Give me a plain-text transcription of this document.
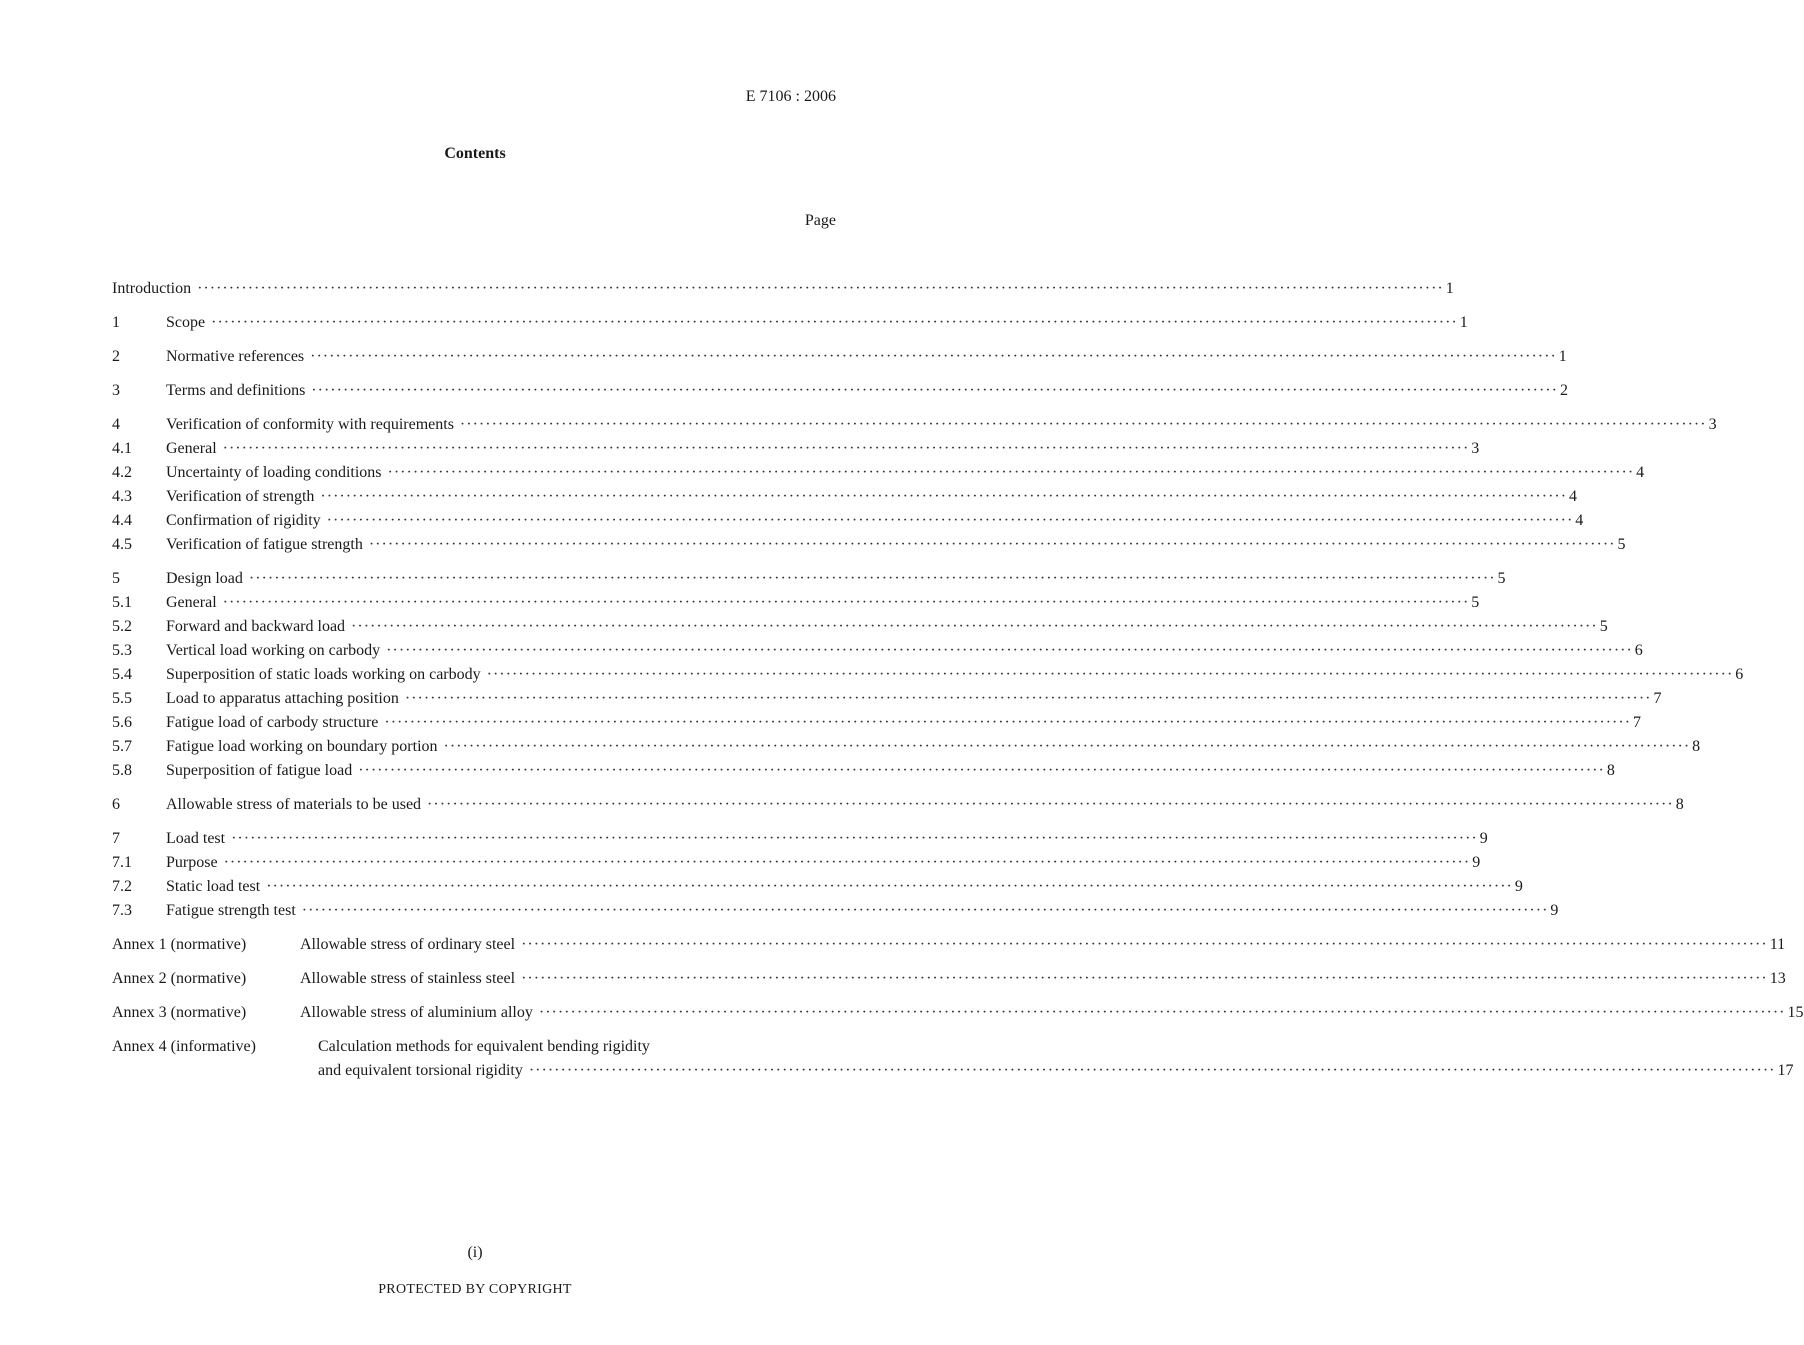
E 7106 : 2006
Contents
Page
Introduction ·····	1
1	Scope ·····	1
2	Normative references ·····	1
3	Terms and definitions ·····	2
4	Verification of conformity with requirements ·····	3
4.1	General ·····	3
4.2	Uncertainty of loading conditions ·····	4
4.3	Verification of strength ·····	4
4.4	Confirmation of rigidity ·····	4
4.5	Verification of fatigue strength ·····	5
5	Design load ·····	5
5.1	General ·····	5
5.2	Forward and backward load ·····	5
5.3	Vertical load working on carbody ·····	6
5.4	Superposition of static loads working on carbody ·····	6
5.5	Load to apparatus attaching position ·····	7
5.6	Fatigue load of carbody structure ·····	7
5.7	Fatigue load working on boundary portion ·····	8
5.8	Superposition of fatigue load ·····	8
6	Allowable stress of materials to be used ·····	8
7	Load test ·····	9
7.1	Purpose ·····	9
7.2	Static load test ·····	9
7.3	Fatigue strength test ·····	9
Annex 1 (normative)	Allowable stress of ordinary steel ·····	11
Annex 2 (normative)	Allowable stress of stainless steel ·····	13
Annex 3 (normative)	Allowable stress of aluminium alloy ·····	15
Annex 4 (informative)	Calculation methods for equivalent bending rigidity
and equivalent torsional rigidity ·····	17
(i)
PROTECTED BY COPYRIGHT
